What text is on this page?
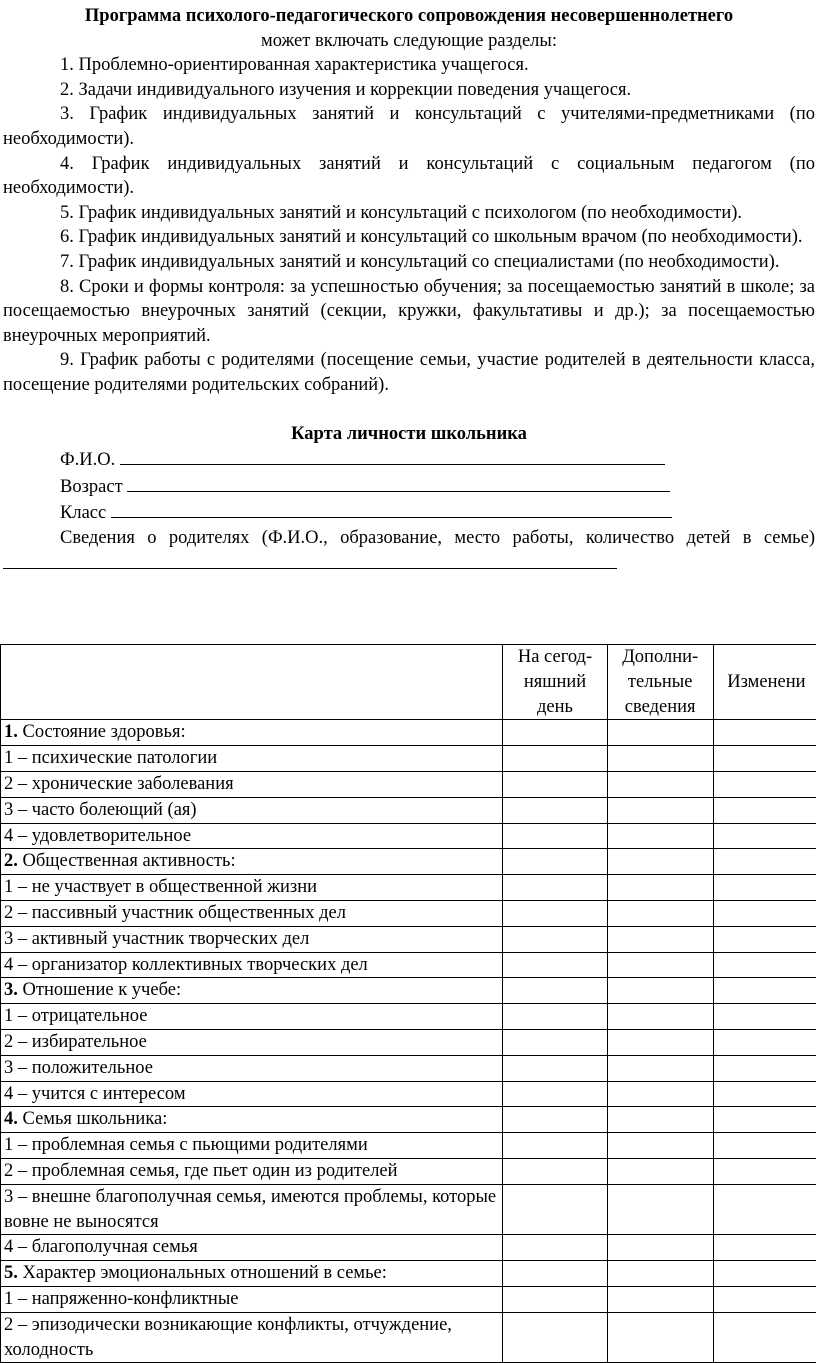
Программа психолого-педагогического сопровождения несовершеннолетнего
может включать следующие разделы:
1. Проблемно-ориентированная характеристика учащегося.
2. Задачи индивидуального изучения и коррекции поведения учащегося.
3. График индивидуальных занятий и консультаций с учителями-предметниками (по необходимости).
4. График индивидуальных занятий и консультаций с социальным педагогом (по необходимости).
5. График индивидуальных занятий и консультаций с психологом (по необходимости).
6. График индивидуальных занятий и консультаций со школьным врачом (по необходимости).
7. График индивидуальных занятий и консультаций со специалистами (по необходимости).
8. Сроки и формы контроля: за успешностью обучения; за посещаемостью занятий в школе; за посещаемостью внеурочных занятий (секции, кружки, факультативы и др.); за посещаемостью внеурочных мероприятий.
9. График работы с родителями (посещение семьи, участие родителей в деятельности класса, посещение родителями родительских собраний).
Карта личности школьника
Ф.И.О.
Возраст
Класс
Сведения о родителях (Ф.И.О., образование, место работы, количество детей в семье)
	На сегод-няшний день	Дополни-тельные сведения	Изменени
1. Состояние здоровья:			
1 – психические патологии			
2 – хронические заболевания			
3 – часто болеющий (ая)			
4 – удовлетворительное			
2. Общественная активность:			
1 – не участвует в общественной жизни			
2 – пассивный участник общественных дел			
3 – активный участник творческих дел			
4 – организатор коллективных творческих дел			
3. Отношение к учебе:			
1 – отрицательное			
2 – избирательное			
3 – положительное			
4 – учится с интересом			
4. Семья школьника:			
1 – проблемная семья с пьющими родителями			
2 – проблемная семья, где пьет один из родителей			
3 – внешне благополучная семья, имеются проблемы, которые вовне не выносятся			
4 – благополучная семья			
5. Характер эмоциональных отношений в семье:			
1 – напряженно-конфликтные			
2 – эпизодически возникающие конфликты, отчуждение, холодность			
